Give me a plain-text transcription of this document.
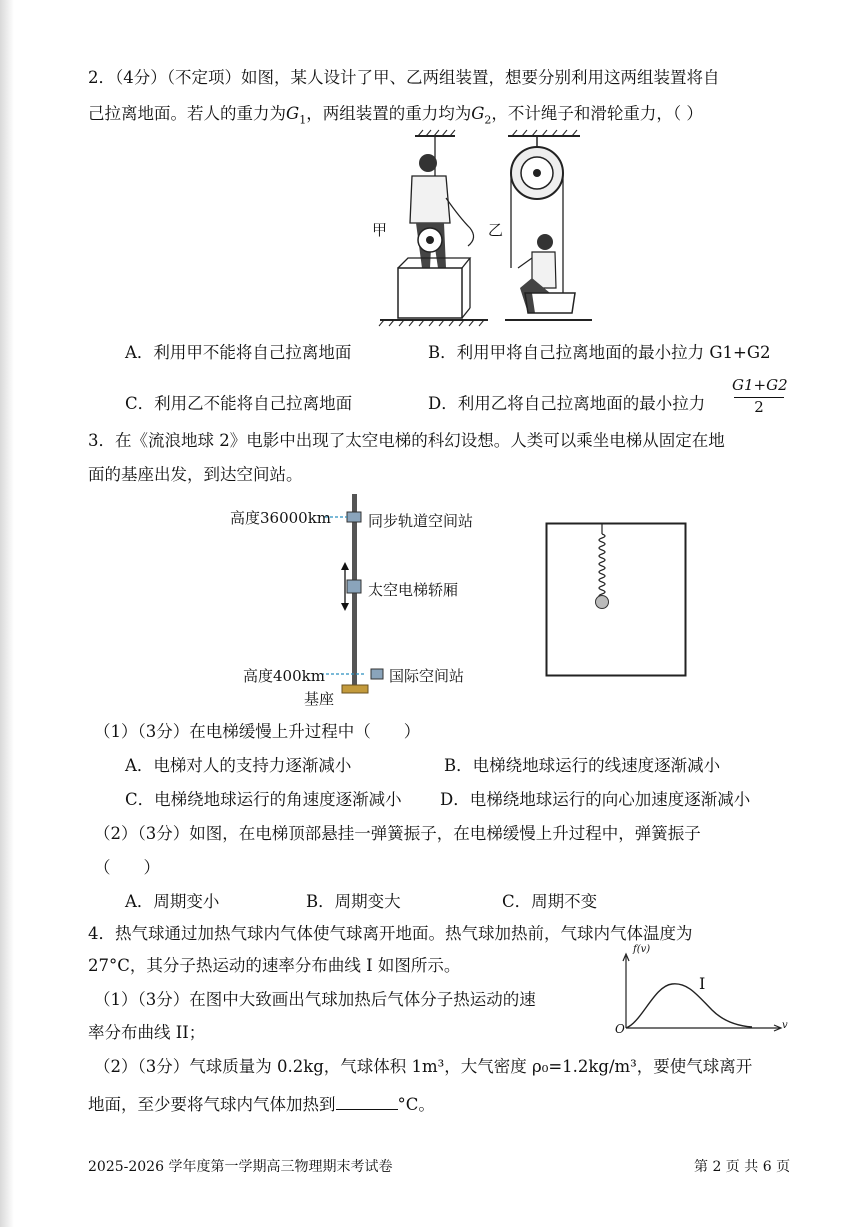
2．（4分）（不定项）如图，某人设计了甲、乙两组装置，想要分别利用这两组装置将自
己拉离地面。若人的重力为$G_1$，两组装置的重力均为$G_2$，不计绳子和滑轮重力，（ ）
甲	乙
A．利用甲不能将自己拉离地面	B．利用甲将自己拉离地面的最小拉力 G1+G2
C．利用乙不能将自己拉离地面	D．利用乙将自己拉离地面的最小拉力
G1+G2
2
3．在《流浪地球 2》电影中出现了太空电梯的科幻设想。人类可以乘坐电梯从固定在地
面的基座出发，到达空间站。
高度36000km 同步轨道空间站
太空电梯轿厢
高度400km	国际空间站
基座
（1）（3分）在电梯缓慢上升过程中（　　）
A．电梯对人的支持力逐渐减小	B．电梯绕地球运行的线速度逐渐减小
C．电梯绕地球运行的角速度逐渐减小 D．电梯绕地球运行的向心加速度逐渐减小
（2）（3分）如图，在电梯顶部悬挂一弹簧振子，在电梯缓慢上升过程中，弹簧振子
（　　）
A．周期变小	B．周期变大	C．周期不变
4．热气球通过加热气球内气体使气球离开地面。热气球加热前，气球内气体温度为
27°C，其分子热运动的速率分布曲线 I 如图所示。
（1）（3分）在图中大致画出气球加热后气体分子热运动的速
率分布曲线 II；
（2）（3分）气球质量为 0.2kg，气球体积 1m³，大气密度 ρ₀=1.2kg/m³，要使气球离开
地面，至少要将气球内气体加热到	°C。
f(v)
v
O
I
2025-2026 学年度第一学期高三物理期末考试卷	第 2 页 共 6 页
